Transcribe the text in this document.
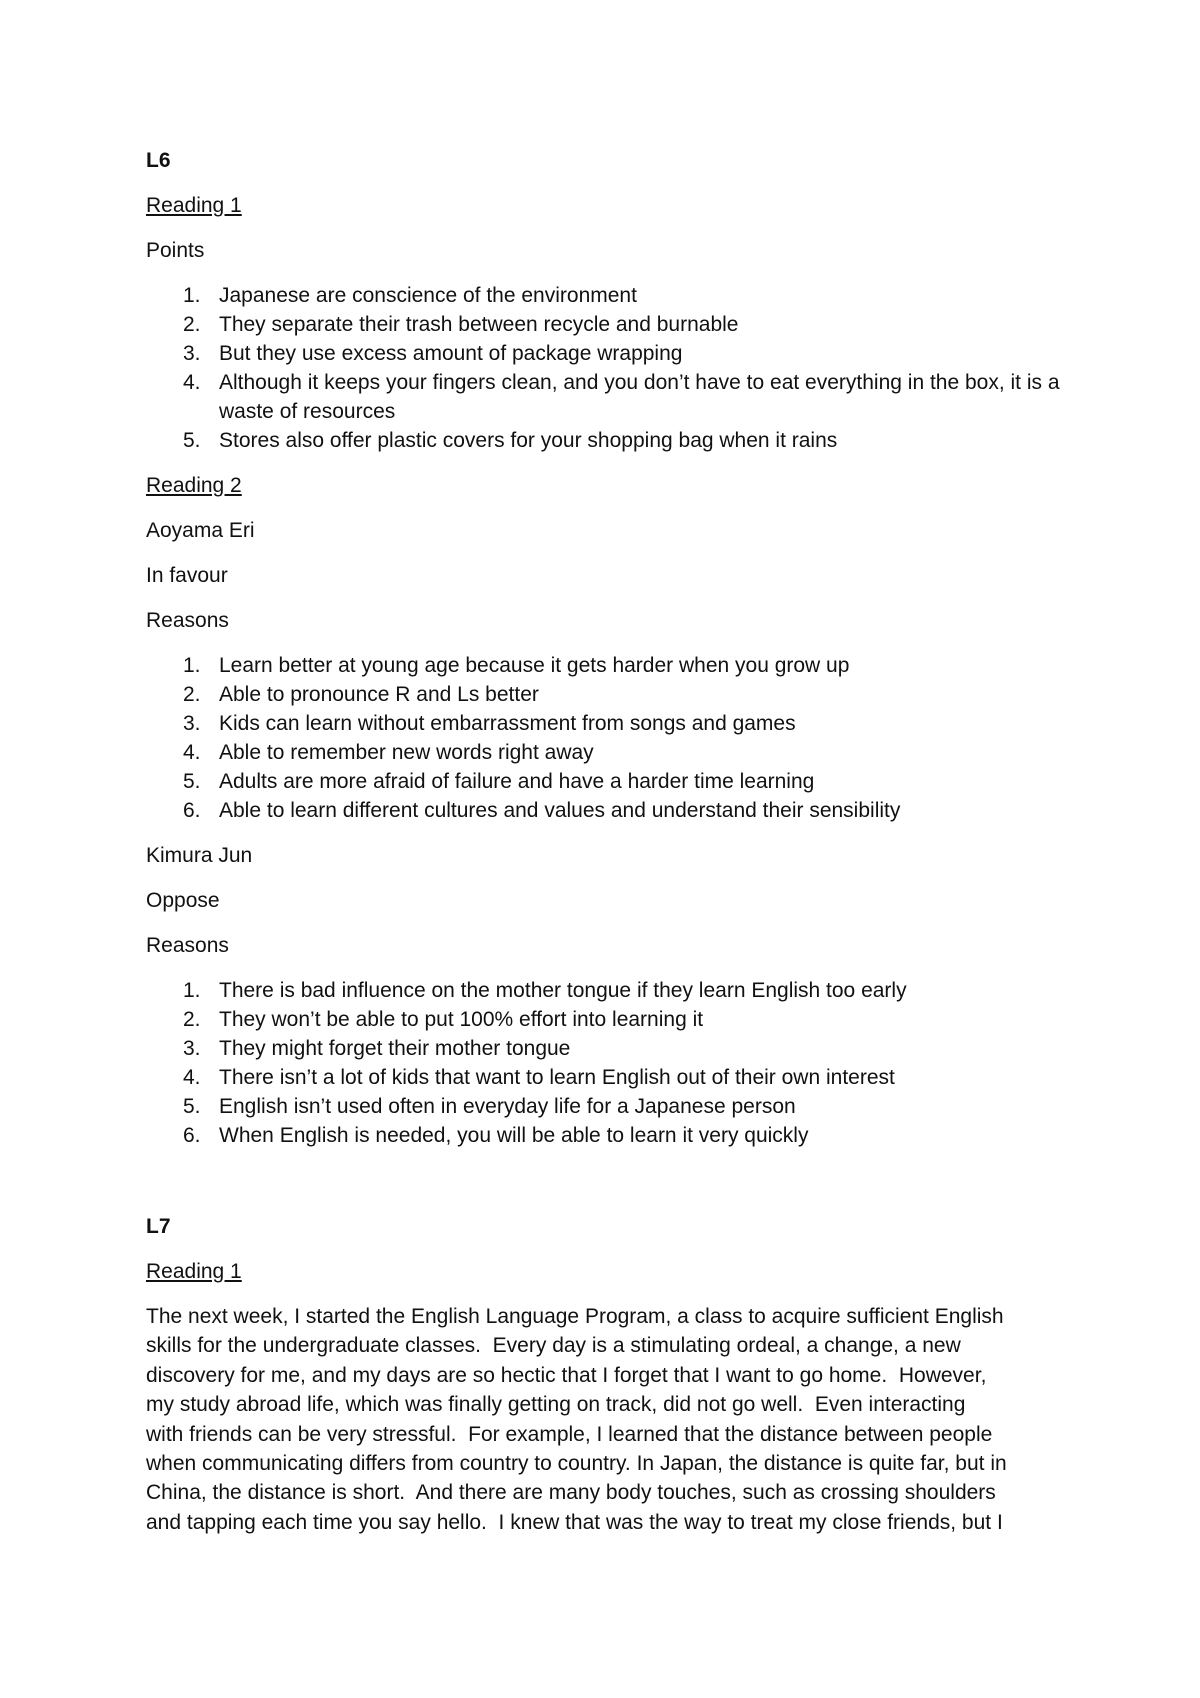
L6
Reading 1
Points
1. Japanese are conscience of the environment
2. They separate their trash between recycle and burnable
3. But they use excess amount of package wrapping
4. Although it keeps your fingers clean, and you don’t have to eat everything in the box, it is a waste of resources
5. Stores also offer plastic covers for your shopping bag when it rains
Reading 2
Aoyama Eri
In favour
Reasons
1. Learn better at young age because it gets harder when you grow up
2. Able to pronounce R and Ls better
3. Kids can learn without embarrassment from songs and games
4. Able to remember new words right away
5. Adults are more afraid of failure and have a harder time learning
6. Able to learn different cultures and values and understand their sensibility
Kimura Jun
Oppose
Reasons
1. There is bad influence on the mother tongue if they learn English too early
2. They won’t be able to put 100% effort into learning it
3. They might forget their mother tongue
4. There isn’t a lot of kids that want to learn English out of their own interest
5. English isn’t used often in everyday life for a Japanese person
6. When English is needed, you will be able to learn it very quickly
L7
Reading 1
The next week, I started the English Language Program, a class to acquire sufficient English
skills for the undergraduate classes.  Every day is a stimulating ordeal, a change, a new
discovery for me, and my days are so hectic that I forget that I want to go home.  However,
my study abroad life, which was finally getting on track, did not go well.  Even interacting
with friends can be very stressful.  For example, I learned that the distance between people
when communicating differs from country to country. In Japan, the distance is quite far, but in
China, the distance is short.  And there are many body touches, such as crossing shoulders
and tapping each time you say hello.  I knew that was the way to treat my close friends, but I
